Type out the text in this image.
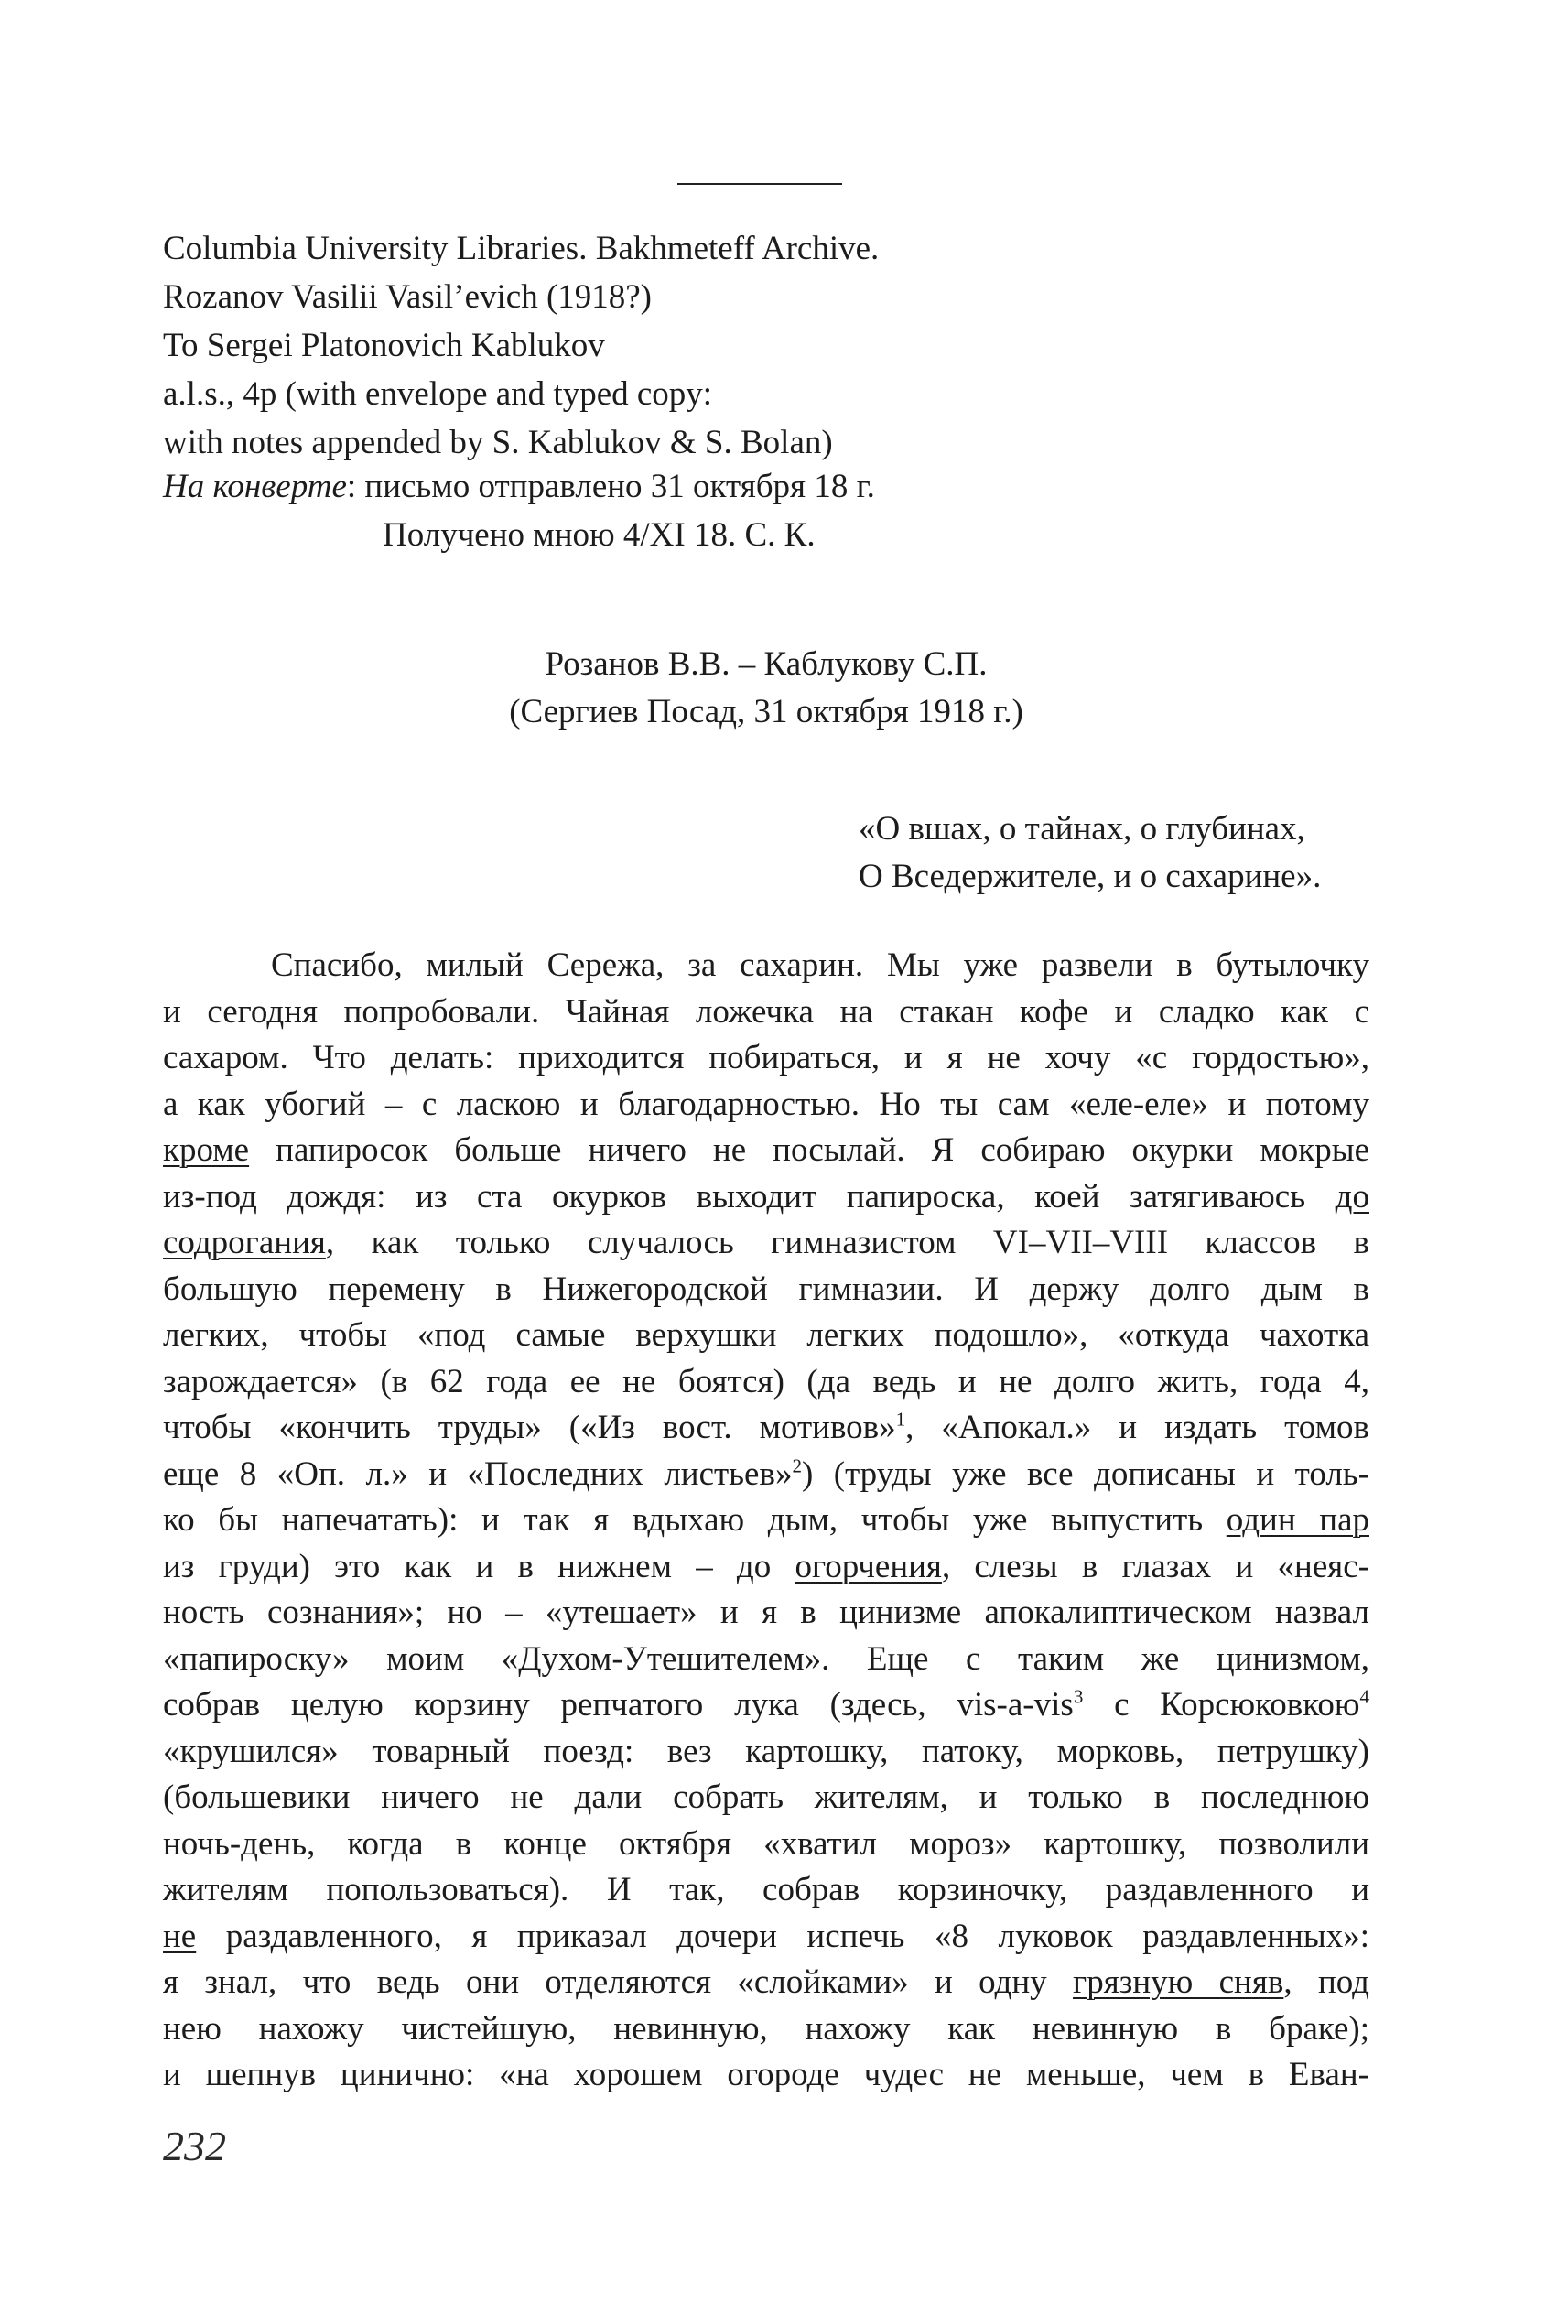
Columbia University Libraries. Bakhmeteff Archive.
Rozanov Vasilii Vasil’evich (1918?)
To Sergei Platonovich Kablukov
a.l.s., 4p (with envelope and typed copy:
with notes appended by S. Kablukov & S. Bolan)
На конверте: письмо отправлено 31 октября 18 г.
Получено мною 4/XI 18. С. К.
Розанов В.В. – Каблукову С.П.
(Сергиев Посад, 31 октября 1918 г.)
«О вшах, о тайнах, о глубинах,
О Вседержителе, и о сахарине».
Спасибо, милый Сережа, за сахарин. Мы уже развели в бутылочку
и сегодня попробовали. Чайная ложечка на стакан кофе и сладко как с
сахаром. Что делать: приходится побираться, и я не хочу «с гордостью»,
а как убогий – с ласкою и благодарностью. Но ты сам «еле-еле» и потому
кроме папиросок больше ничего не посылай. Я собираю окурки мокрые
из-под дождя: из ста окурков выходит папироска, коей затягиваюсь до
содрогания, как только случалось гимназистом VI–VII–VIII классов в
большую перемену в Нижегородской гимназии. И держу долго дым в
легких, чтобы «под самые верхушки легких подошло», «откуда чахотка
зарождается» (в 62 года ее не боятся) (да ведь и не долго жить, года 4,
чтобы «кончить труды» («Из вост. мотивов»$^1$, «Апокал.» и издать томов
еще 8 «Оп. л.» и «Последних листьев»$^2$) (труды уже все дописаны и толь-
ко бы напечатать): и так я вдыхаю дым, чтобы уже выпустить один пар
из груди) это как и в нижнем – до огорчения, слезы в глазах и «неяс-
ность сознания»; но – «утешает» и я в цинизме апокалиптическом назвал
«папироску» моим «Духом-Утешителем». Еще с таким же цинизмом,
собрав целую корзину репчатого лука (здесь, vis-a-vis$^3$ с Корсюковкою$^4$
«крушился» товарный поезд: вез картошку, патоку, морковь, петрушку)
(большевики ничего не дали собрать жителям, и только в последнюю
ночь-день, когда в конце октября «хватил мороз» картошку, позволили
жителям попользоваться). И так, собрав корзиночку, раздавленного и
не раздавленного, я приказал дочери испечь «8 луковок раздавленных»:
я знал, что ведь они отделяются «слойками» и одну грязную сняв, под
нею нахожу чистейшую, невинную, нахожу как невинную в браке);
и шепнув цинично: «на хорошем огороде чудес не меньше, чем в Еван-
232
